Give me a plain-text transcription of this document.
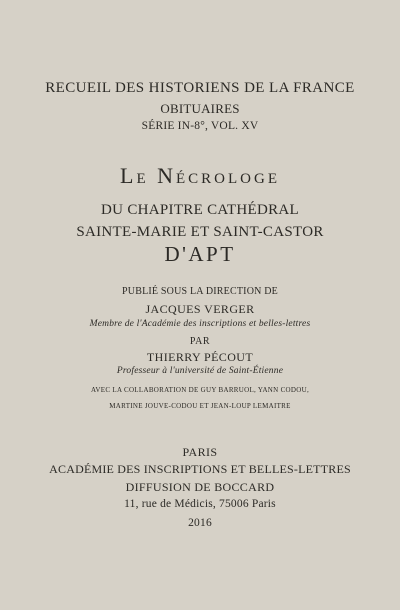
RECUEIL DES HISTORIENS DE LA FRANCE
OBITUAIRES
SÉRIE IN-8°, VOL. XV
Le Nécrologe
DU CHAPITRE CATHÉDRAL
SAINTE-MARIE ET SAINT-CASTOR
D'APT
PUBLIÉ SOUS LA DIRECTION DE
JACQUES VERGER
Membre de l'Académie des inscriptions et belles-lettres
PAR
THIERRY PÉCOUT
Professeur à l'université de Saint-Étienne
AVEC LA COLLABORATION DE GUY BARRUOL, YANN CODOU,
MARTINE JOUVE-CODOU ET JEAN-LOUP LEMAITRE
PARIS
ACADÉMIE DES INSCRIPTIONS ET BELLES-LETTRES
DIFFUSION DE BOCCARD
11, rue de Médicis, 75006 Paris
2016
